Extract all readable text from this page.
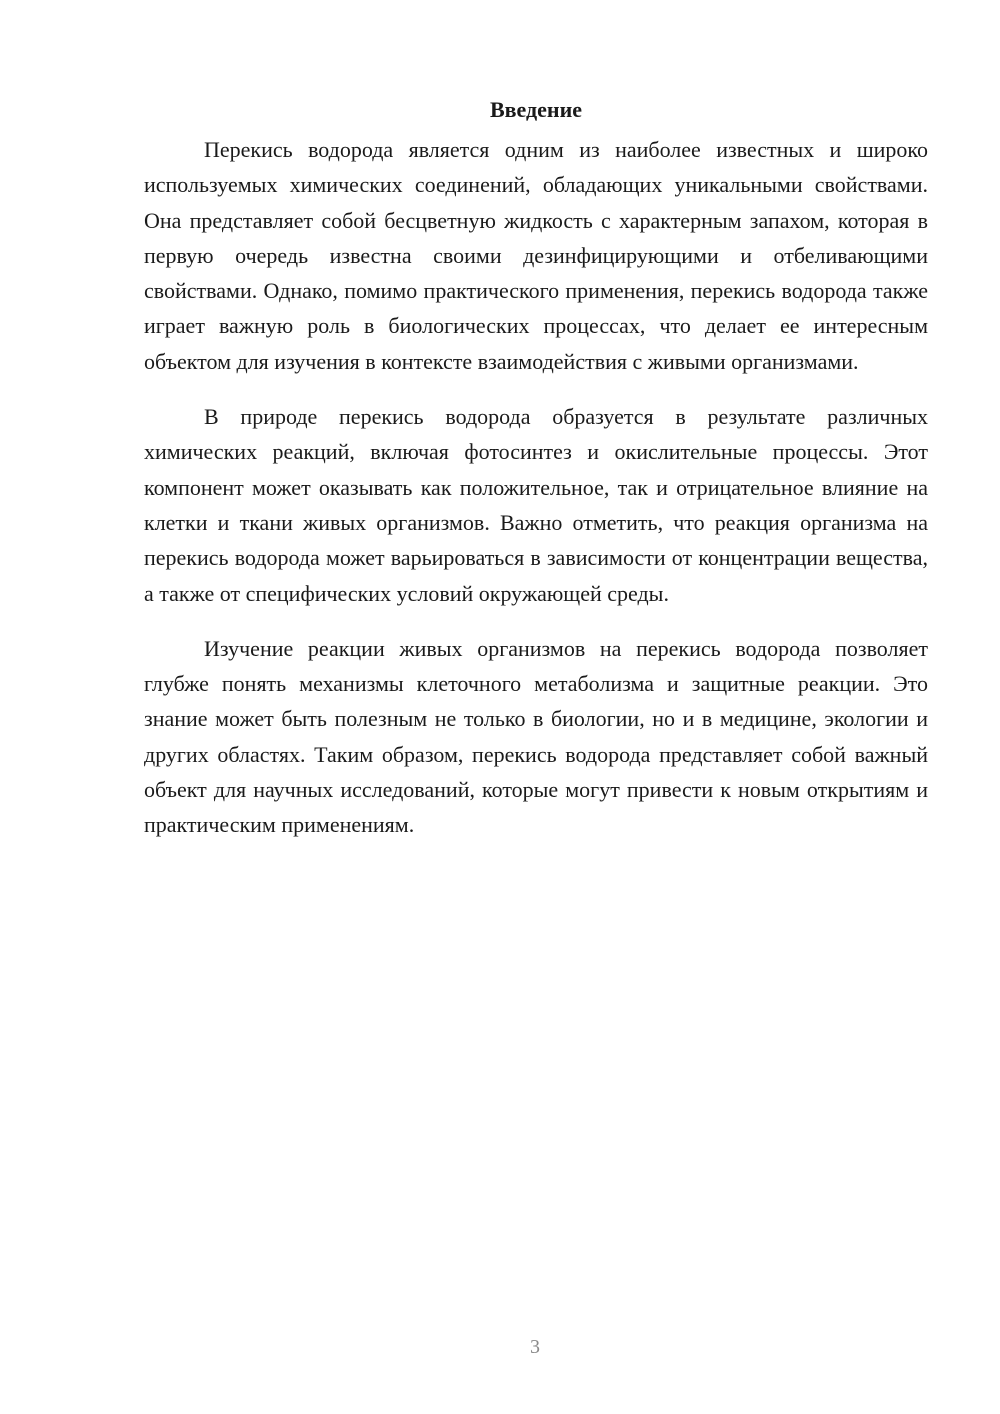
Введение

Перекись водорода является одним из наиболее известных и широко используемых химических соединений, обладающих уникальными свойствами. Она представляет собой бесцветную жидкость с характерным запахом, которая в первую очередь известна своими дезинфицирующими и отбеливающими свойствами. Однако, помимо практического применения, перекись водорода также играет важную роль в биологических процессах, что делает ее интересным объектом для изучения в контексте взаимодействия с живыми организмами.

В природе перекись водорода образуется в результате различных химических реакций, включая фотосинтез и окислительные процессы. Этот компонент может оказывать как положительное, так и отрицательное влияние на клетки и ткани живых организмов. Важно отметить, что реакция организма на перекись водорода может варьироваться в зависимости от концентрации вещества, а также от специфических условий окружающей среды.

Изучение реакции живых организмов на перекись водорода позволяет глубже понять механизмы клеточного метаболизма и защитные реакции. Это знание может быть полезным не только в биологии, но и в медицине, экологии и других областях. Таким образом, перекись водорода представляет собой важный объект для научных исследований, которые могут привести к новым открытиям и практическим применениям.

3
